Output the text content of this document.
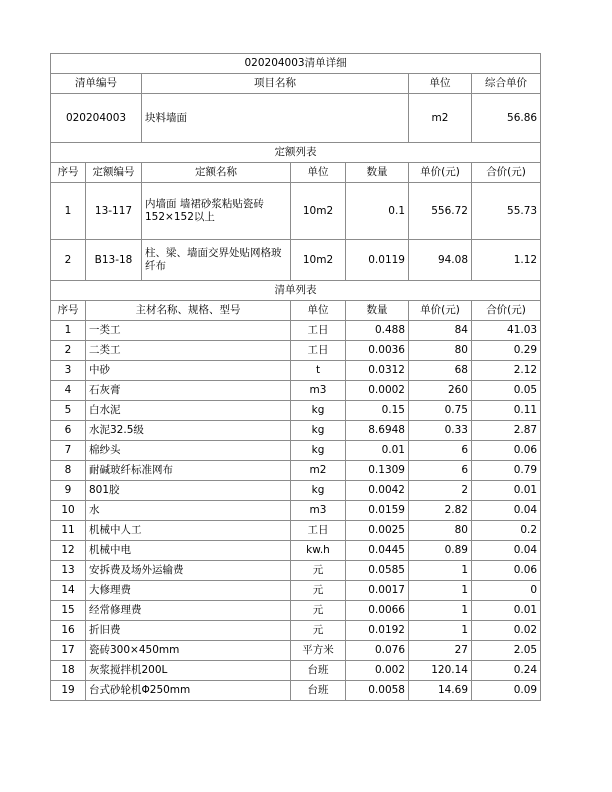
020204003清单详细						
清单编号		项目名称			单位	综合单价
020204003		块料墙面			m2	56.86
定额列表						
序号	定额编号	定额名称	单位	数量	单价(元)	合价(元)
1	13-117	内墙面 墙裙砂浆粘贴瓷砖152×152以上	10m2	0.1	556.72	55.73
2	B13-18	柱、梁、墙面交界处贴网格玻纤布	10m2	0.0119	94.08	1.12
清单列表						
序号	主材名称、规格、型号		单位	数量	单价(元)	合价(元)
1	一类工		工日	0.488	84	41.03
2	二类工		工日	0.0036	80	0.29
3	中砂		t	0.0312	68	2.12
4	石灰膏		m3	0.0002	260	0.05
5	白水泥		kg	0.15	0.75	0.11
6	水泥32.5级		kg	8.6948	0.33	2.87
7	棉纱头		kg	0.01	6	0.06
8	耐碱玻纤标准网布		m2	0.1309	6	0.79
9	801胶		kg	0.0042	2	0.01
10	水		m3	0.0159	2.82	0.04
11	机械中人工		工日	0.0025	80	0.2
12	机械中电		kw.h	0.0445	0.89	0.04
13	安拆费及场外运输费		元	0.0585	1	0.06
14	大修理费		元	0.0017	1	0
15	经常修理费		元	0.0066	1	0.01
16	折旧费		元	0.0192	1	0.02
17	瓷砖300×450mm		平方米	0.076	27	2.05
18	灰浆搅拌机200L		台班	0.002	120.14	0.24
19	台式砂轮机Φ250mm		台班	0.0058	14.69	0.09
